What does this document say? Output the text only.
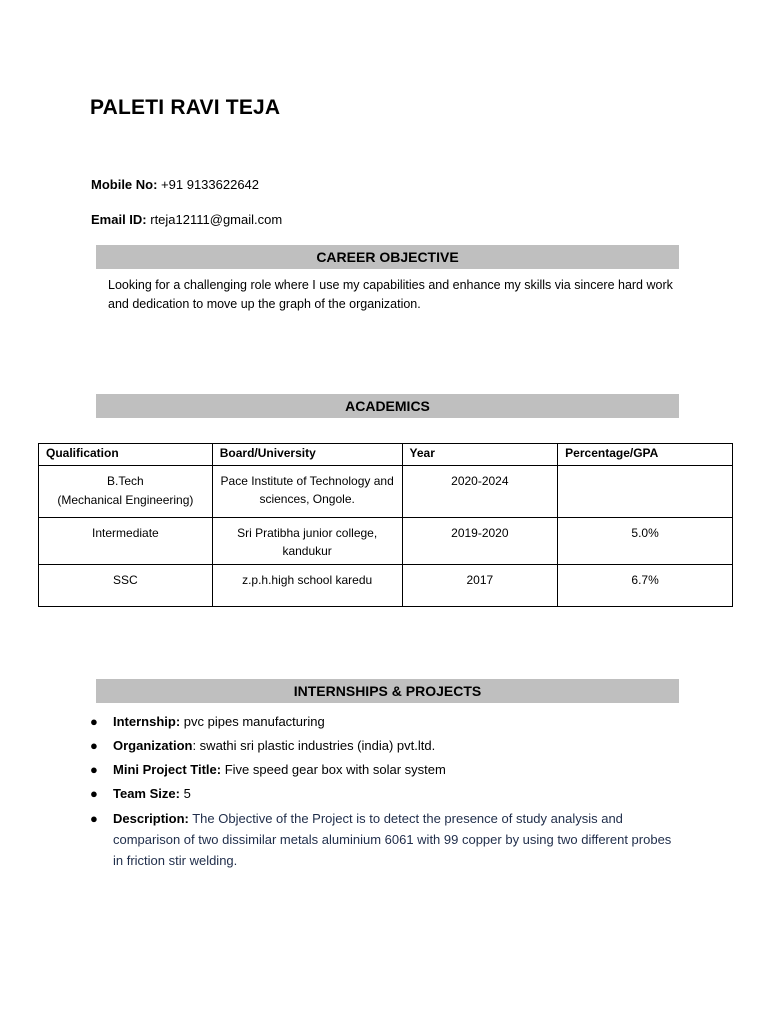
PALETI RAVI TEJA
Mobile No: +91 9133622642
Email ID: rteja12111@gmail.com
CAREER OBJECTIVE
Looking for a challenging role where I use my capabilities and enhance my skills via sincere hard work and dedication to move up the graph of the organization.
ACADEMICS
Qualification	Board/University	Year	Percentage/GPA

B.Tech
(Mechanical Engineering)	Pace Institute of Technology and sciences, Ongole.	2020-2024	
Intermediate	Sri Pratibha junior college, kandukur	2019-2020	5.0%
SSC	z.p.h.high school karedu	2017	6.7%
INTERNSHIPS & PROJECTS
● Internship: pvc pipes manufacturing
● Organization: swathi sri plastic industries (india) pvt.ltd.
● Mini Project Title: Five speed gear box with solar system
● Team Size: 5
● Description: The Objective of the Project is to detect the presence of study analysis and comparison of two dissimilar metals aluminium 6061 with 99 copper by using two different probes in friction stir welding.
